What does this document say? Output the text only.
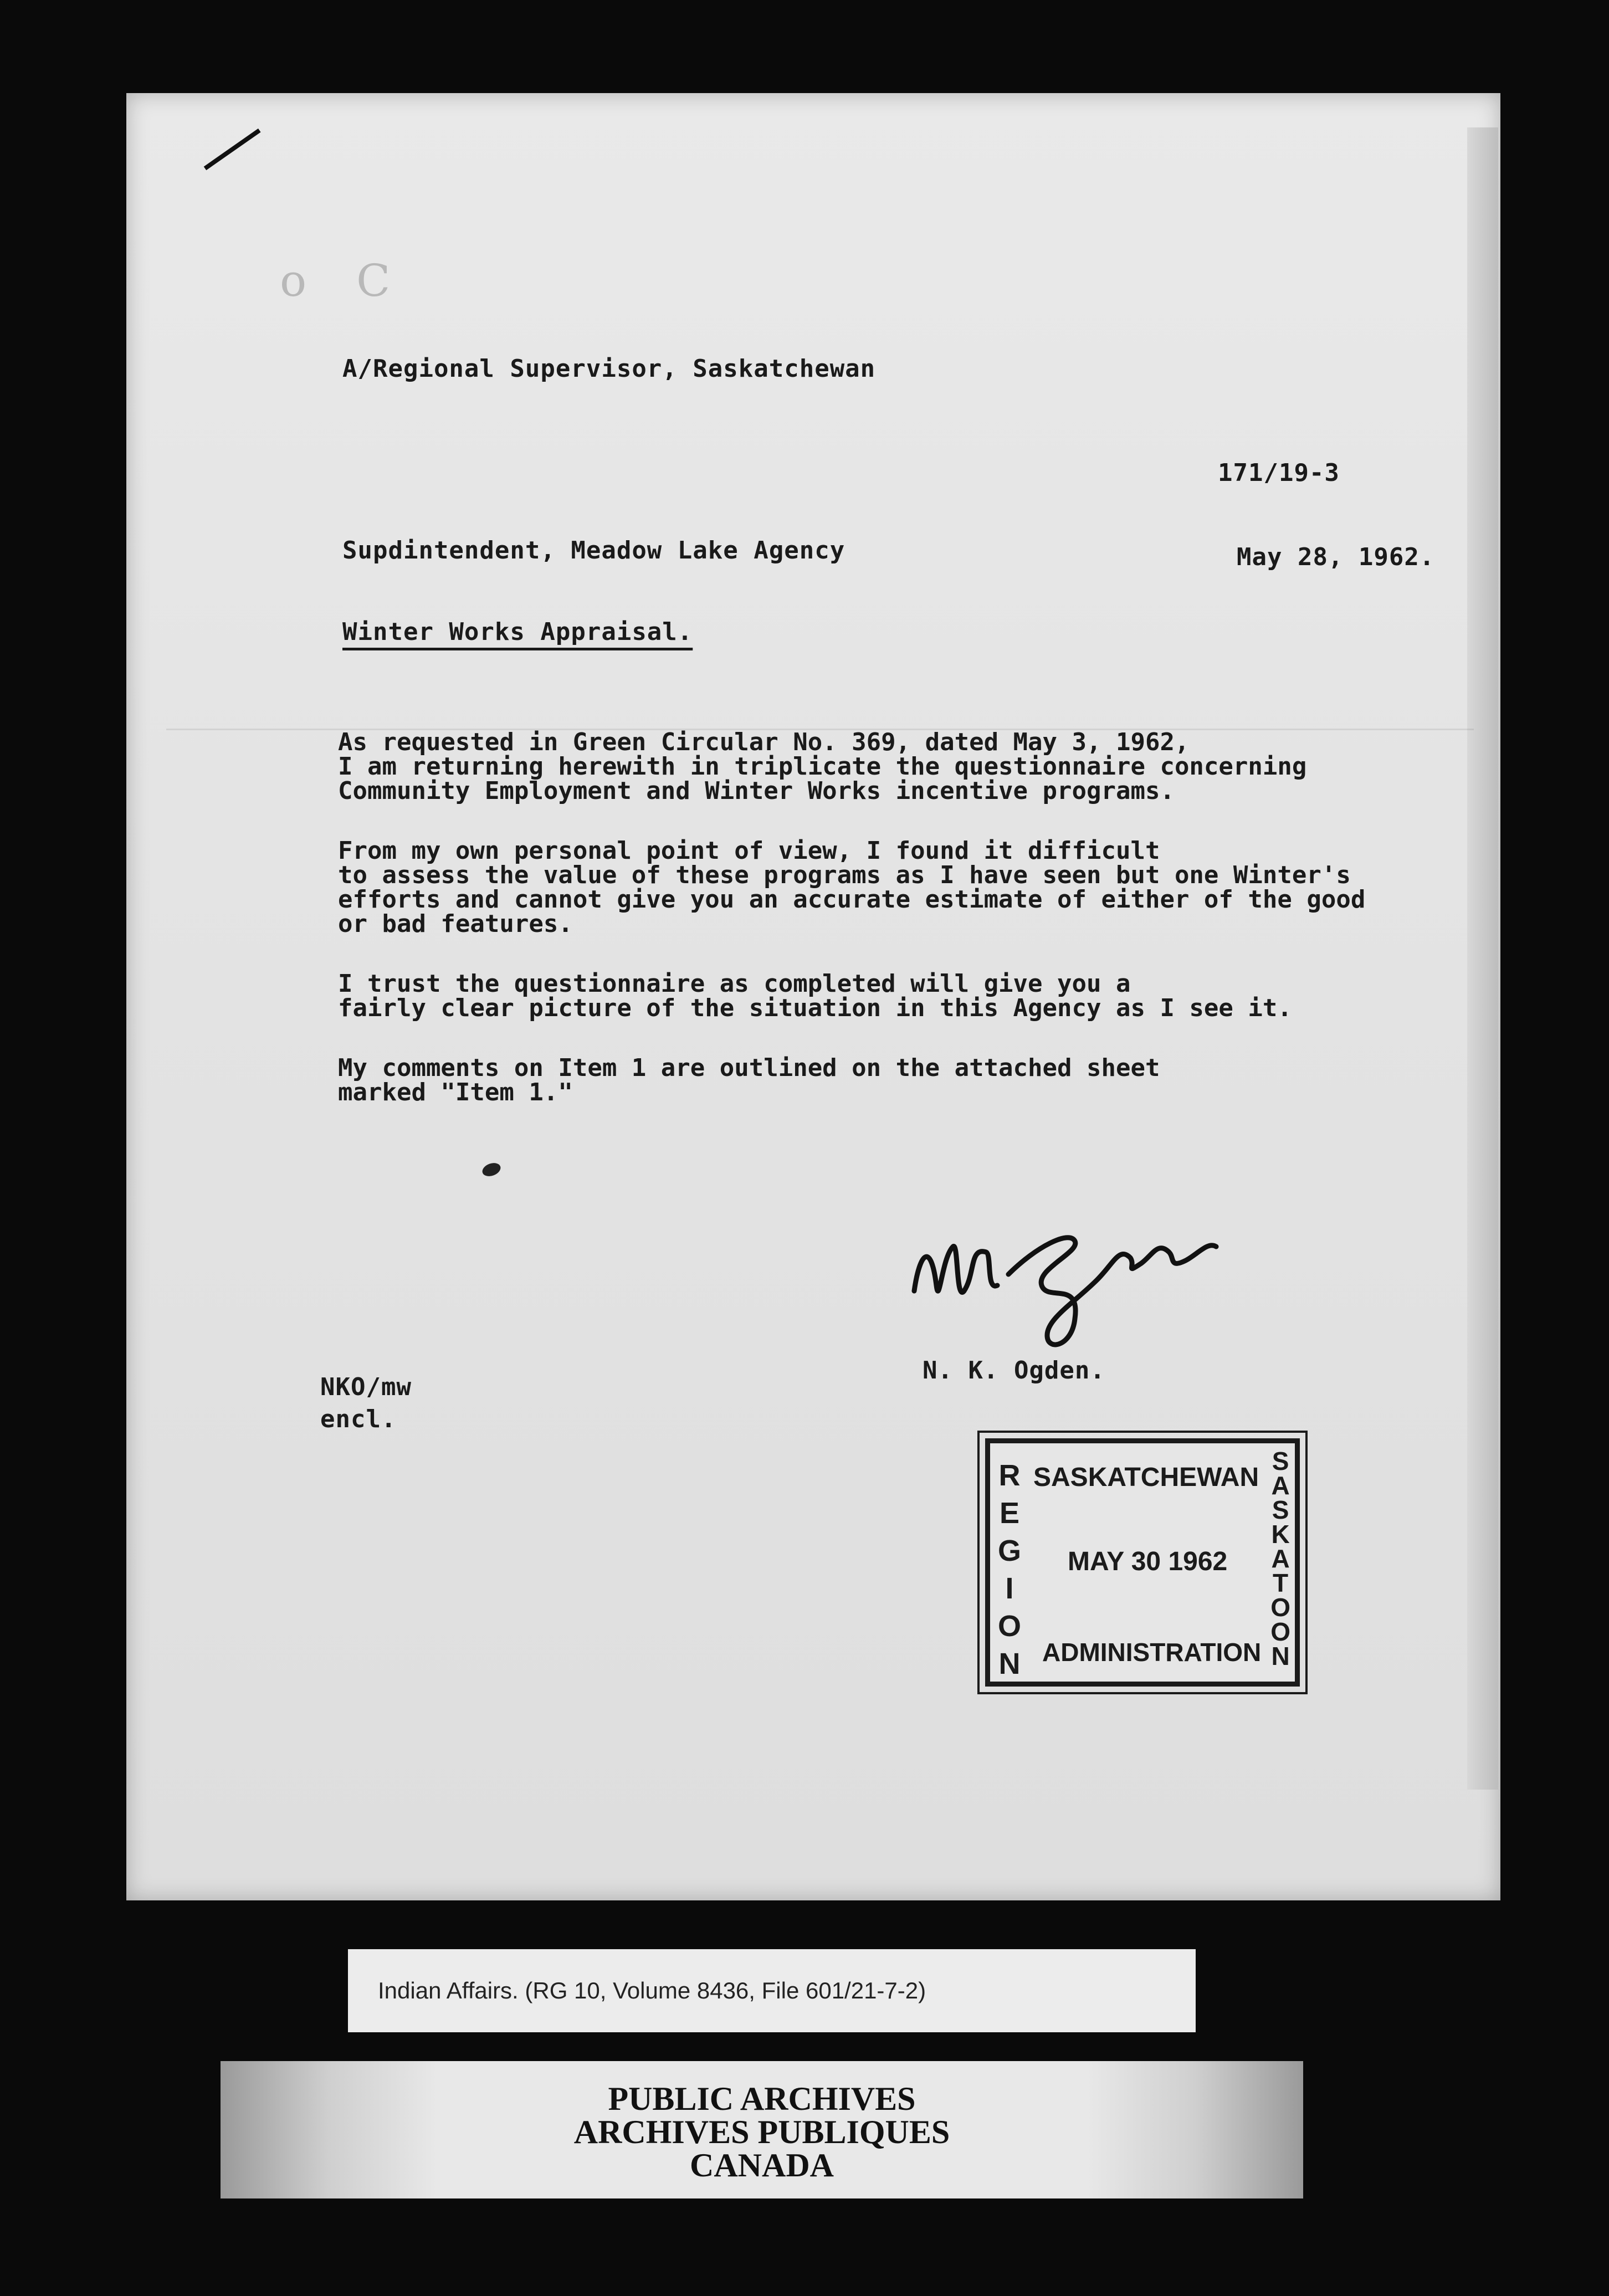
o C
A/Regional Supervisor, Saskatchewan
171/19-3
Supdintendent, Meadow Lake Agency	May 28, 1962.
Winter Works Appraisal.

As requested in Green Circular No. 369, dated May 3, 1962,
I am returning herewith in triplicate the questionnaire concerning
Community Employment and Winter Works incentive programs.

From my own personal point of view, I found it difficult
to assess the value of these programs as I have seen but one Winter's
efforts and cannot give you an accurate estimate of either of the good
or bad features.

I trust the questionnaire as completed will give you a
fairly clear picture of the situation in this Agency as I see it.

My comments on Item 1 are outlined on the attached sheet
marked "Item 1."

N. K. Ogden.
NKO/mw
encl.
R
E
G
I
O
N
SASKATCHEWAN
MAY 30 1962
ADMINISTRATION
S
A
S
K
A
T
O
O
N
Indian Affairs. (RG 10, Volume 8436, File 601/21-7-2)
PUBLIC ARCHIVES
ARCHIVES PUBLIQUES
CANADA
